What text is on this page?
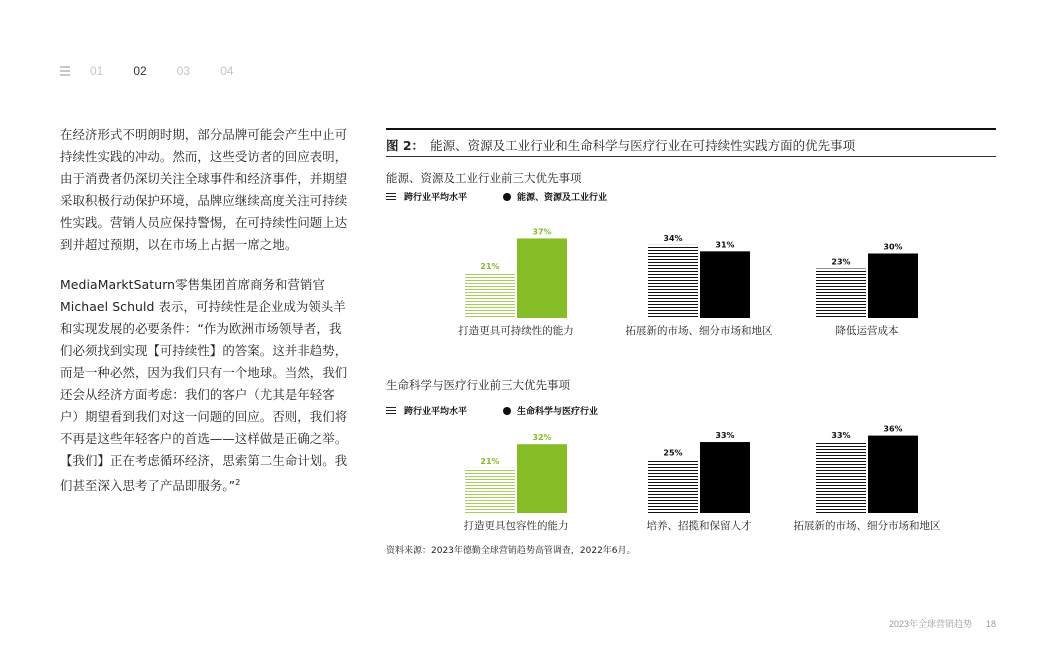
01	02	03	04

在经济形式不明朗时期，部分品牌可能会产生中止可持续性实践的冲动。然而，这些受访者的回应表明，由于消费者仍深切关注全球事件和经济事件，并期望采取积极行动保护环境，品牌应继续高度关注可持续性实践。营销人员应保持警惕，在可持续性问题上达到并超过预期，以在市场上占据一席之地。

MediaMarktSaturn零售集团首席商务和营销官Michael Schuld 表示，可持续性是企业成为领头羊和实现发展的必要条件：“作为欧洲市场领导者，我们必须找到实现【可持续性】的答案。这并非趋势，而是一种必然，因为我们只有一个地球。当然，我们还会从经济方面考虑：我们的客户（尤其是年轻客户）期望看到我们对这一问题的回应。否则，我们将不再是这些年轻客户的首选——这样做是正确之举。【我们】正在考虑循环经济，思索第二生命计划。我们甚至深入思考了产品即服务。”$^2$

图 2： 能源、资源及工业行业和生命科学与医疗行业在可持续性实践方面的优先事项
能源、资源及工业行业前三大优先事项
跨行业平均水平	能源、资源及工业行业
21%
37%
打造更具可持续性的能力
34%
31%
拓展新的市场、细分市场和地区
23%
30%
降低运营成本
生命科学与医疗行业前三大优先事项
跨行业平均水平	生命科学与医疗行业
21%
32%
打造更具包容性的能力
25%
33%
培养、招揽和保留人才
33%
36%
拓展新的市场、细分市场和地区
资料来源：2023年德勤全球营销趋势高管调查，2022年6月。
2023年全球营销趋势 18
